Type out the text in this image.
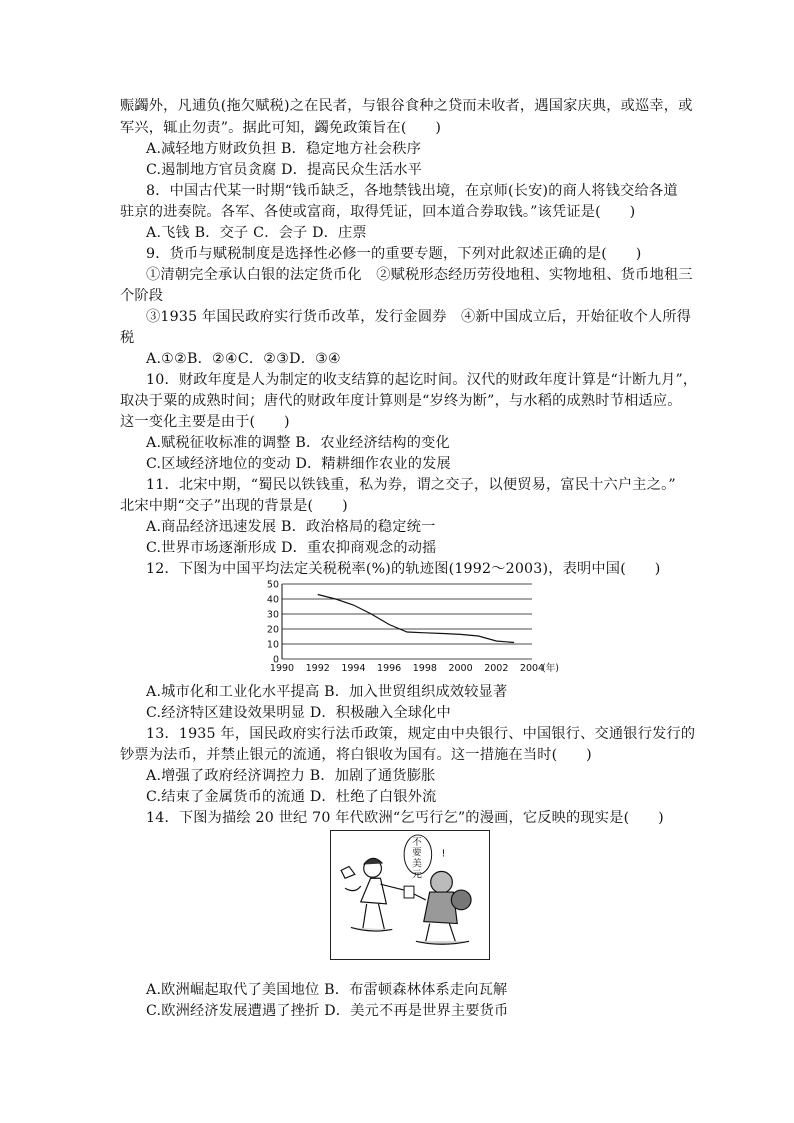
赈蠲外，凡逋负(拖欠赋税)之在民者，与银谷食种之贷而未收者，遇国家庆典，或巡幸，或
军兴，辄止勿责”。据此可知，蠲免政策旨在(　　)
A.减轻地方财政负担 B．稳定地方社会秩序
C.遏制地方官员贪腐 D．提高民众生活水平
8．中国古代某一时期“钱币缺乏，各地禁钱出境，在京师(长安)的商人将钱交给各道
驻京的进奏院。各军、各使或富商，取得凭证，回本道合券取钱。”该凭证是(　　)
A.飞钱 B．交子 C．会子 D．庄票
9．货币与赋税制度是选择性必修一的重要专题，下列对此叙述正确的是(　　)
①清朝完全承认白银的法定货币化　②赋税形态经历劳役地租、实物地租、货币地租三
个阶段
③1935 年国民政府实行货币改革，发行金圆券　④新中国成立后，开始征收个人所得
税
A.①②B．②④C．②③D．③④
10．财政年度是人为制定的收支结算的起讫时间。汉代的财政年度计算是“计断九月”，
取决于粟的成熟时间；唐代的财政年度计算则是“岁终为断”，与水稻的成熟时节相适应。
这一变化主要是由于(　　)
A.赋税征收标准的调整 B．农业经济结构的变化
C.区域经济地位的变动 D．精耕细作农业的发展
11．北宋中期，“蜀民以铁钱重，私为券，谓之交子，以便贸易，富民十六户主之。”
北宋中期“交子”出现的背景是(　　)
A.商品经济迅速发展 B．政治格局的稳定统一
C.世界市场逐渐形成 D．重农抑商观念的动摇
12．下图为中国平均法定关税税率(%)的轨迹图(1992～2003)，表明中国(　　)
A.城市化和工业化水平提高 B．加入世贸组织成效较显著
C.经济特区建设效果明显 D．积极融入全球化中
13．1935 年，国民政府实行法币政策，规定由中央银行、中国银行、交通银行发行的
钞票为法币，并禁止银元的流通，将白银收为国有。这一措施在当时(　　)
A.增强了政府经济调控力 B．加剧了通货膨胀
C.结束了金属货币的流通 D．杜绝了白银外流
14．下图为描绘 20 世纪 70 年代欧洲“乞丐行乞”的漫画，它反映的现实是(　　)
A.欧洲崛起取代了美国地位 B．布雷顿森林体系走向瓦解
C.欧洲经济发展遭遇了挫折 D．美元不再是世界主要货币
0
10
20
30
40
50
1990 1992 1994 1996 1998 2000 2002 2004
(年)
不
要
美
元
!
